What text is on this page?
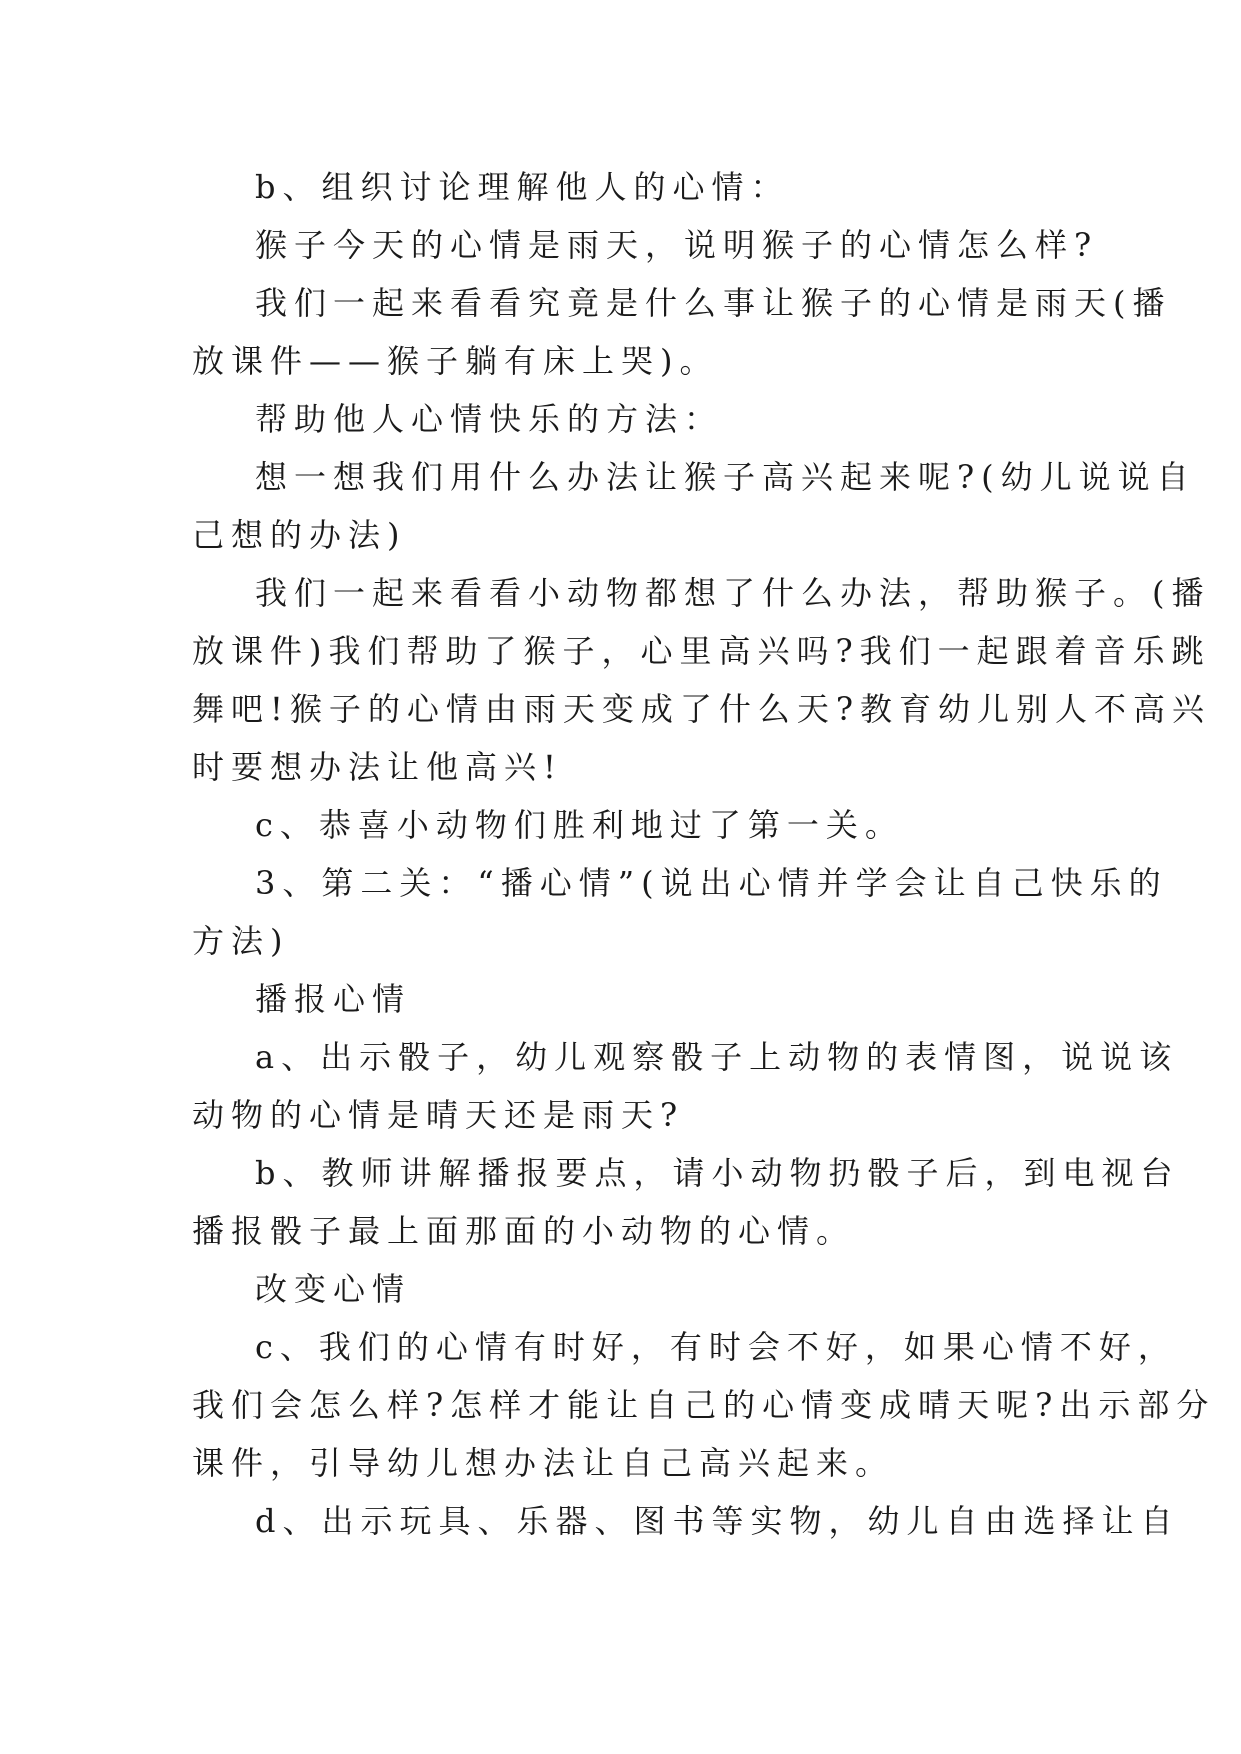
b、组织讨论理解他人的心情：
猴子今天的心情是雨天，说明猴子的心情怎么样?
我们一起来看看究竟是什么事让猴子的心情是雨天(播
放课件——猴子躺有床上哭)。
帮助他人心情快乐的方法：
想一想我们用什么办法让猴子高兴起来呢?(幼儿说说自
己想的办法)
我们一起来看看小动物都想了什么办法，帮助猴子。(播
放课件)我们帮助了猴子，心里高兴吗?我们一起跟着音乐跳
舞吧!猴子的心情由雨天变成了什么天?教育幼儿别人不高兴
时要想办法让他高兴!
c、恭喜小动物们胜利地过了第一关。
3、第二关：“播心情”(说出心情并学会让自己快乐的
方法)
播报心情
a、出示骰子，幼儿观察骰子上动物的表情图，说说该
动物的心情是晴天还是雨天?
b、教师讲解播报要点，请小动物扔骰子后，到电视台
播报骰子最上面那面的小动物的心情。
改变心情
c、我们的心情有时好，有时会不好，如果心情不好，
我们会怎么样?怎样才能让自己的心情变成晴天呢?出示部分
课件，引导幼儿想办法让自己高兴起来。
d、出示玩具、乐器、图书等实物，幼儿自由选择让自
